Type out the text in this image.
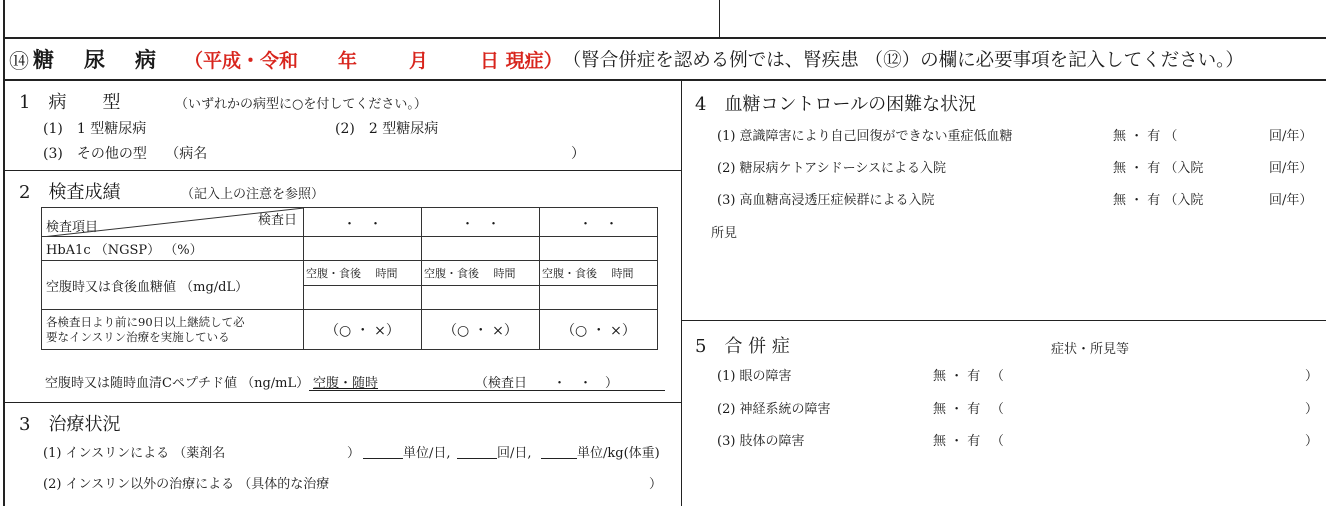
⑭ 糖 尿 病 （平成・令和 年	月	日 現症 ） （腎合併症を認める例では、腎疾患 （⑫）の欄に必要事項を記入してください。）
1　病　　型	（いずれかの病型に○を付してください。）
(1)　1 型糖尿病	(2)　2 型糖尿病
(3)　その他の型　 （病名	）
2　検査成績	（記入上の注意を参照）
検査日
検査項目	・　・	・　・	・　・
HbA1c （NGSP） （%）			
空腹時又は食後血糖値 （mg/dL）	空腹・食後　 時間	空腹・食後　 時間	空腹・食後　 時間

各検査日より前に90日以上継続して必
要なインスリン治療を実施している	（○ ・ ×）	（○ ・ ×）	（○ ・ ×）
空腹時又は随時血清Cペプチド値 （ng/mL） 空腹・随時	（検査日　　・　・　）
3　治療状況
(1) インスリンによる （薬剤名	）	単位/日,	回/日,	単位/kg(体重)
(2) インスリン以外の治療による （具体的な治療	）
4　血糖コントロールの困難な状況
(1) 意識障害により自己回復ができない重症低血糖	無 ・ 有 （	回/年）
(2) 糖尿病ケトアシドーシスによる入院	無 ・ 有 （入院	回/年）
(3) 高血糖高浸透圧症候群による入院	無 ・ 有 （入院	回/年）
所見
5　合 併 症	症状・所見等
(1) 眼の障害	無 ・ 有 　（	）
(2) 神経系統の障害	無 ・ 有 　（	）
(3) 肢体の障害	無 ・ 有 　（	）
